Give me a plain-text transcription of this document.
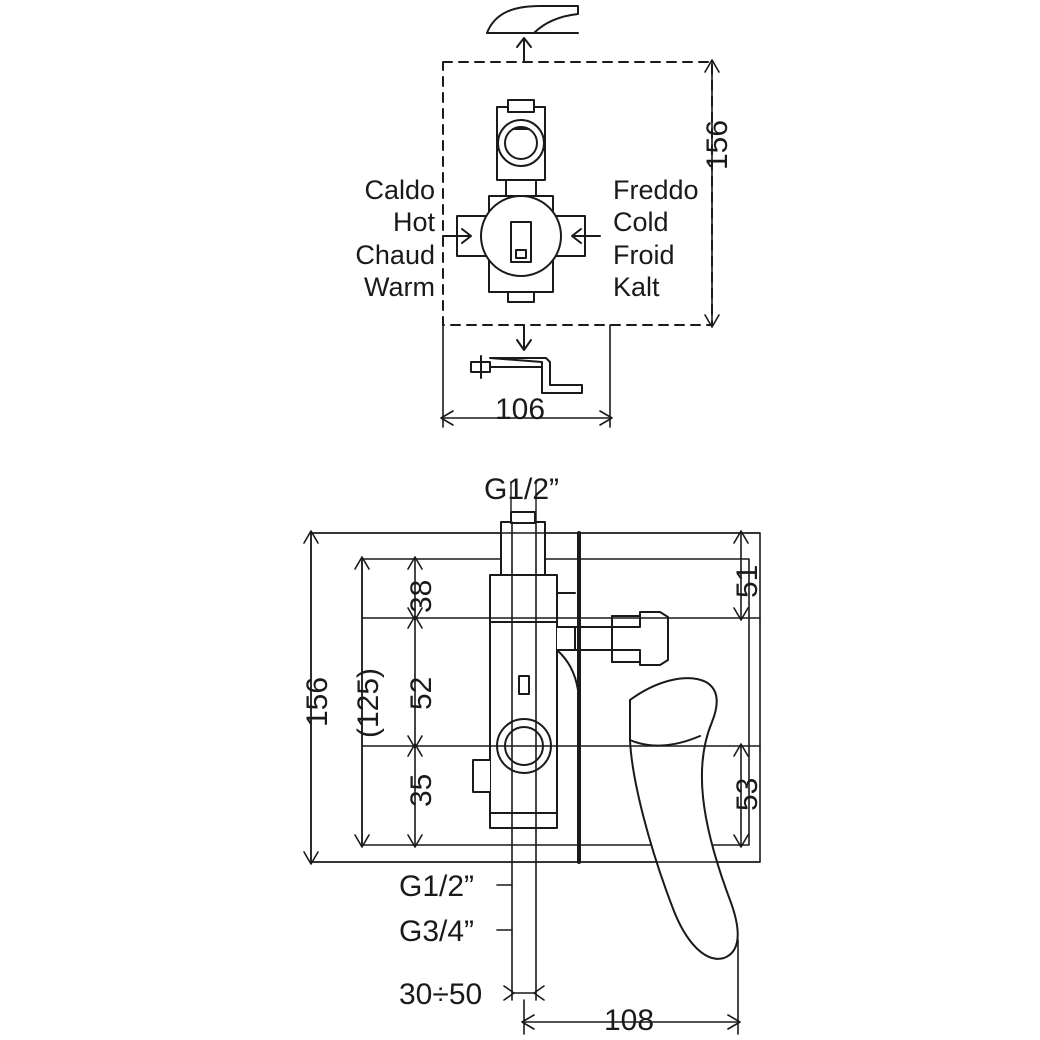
Caldo
Hot
Chaud
Warm
Freddo
Cold
Froid
Kalt
156
106
G1/2”
156 (125)
38
52
35
51
53
G1/2”
G3/4”
30÷50
108
